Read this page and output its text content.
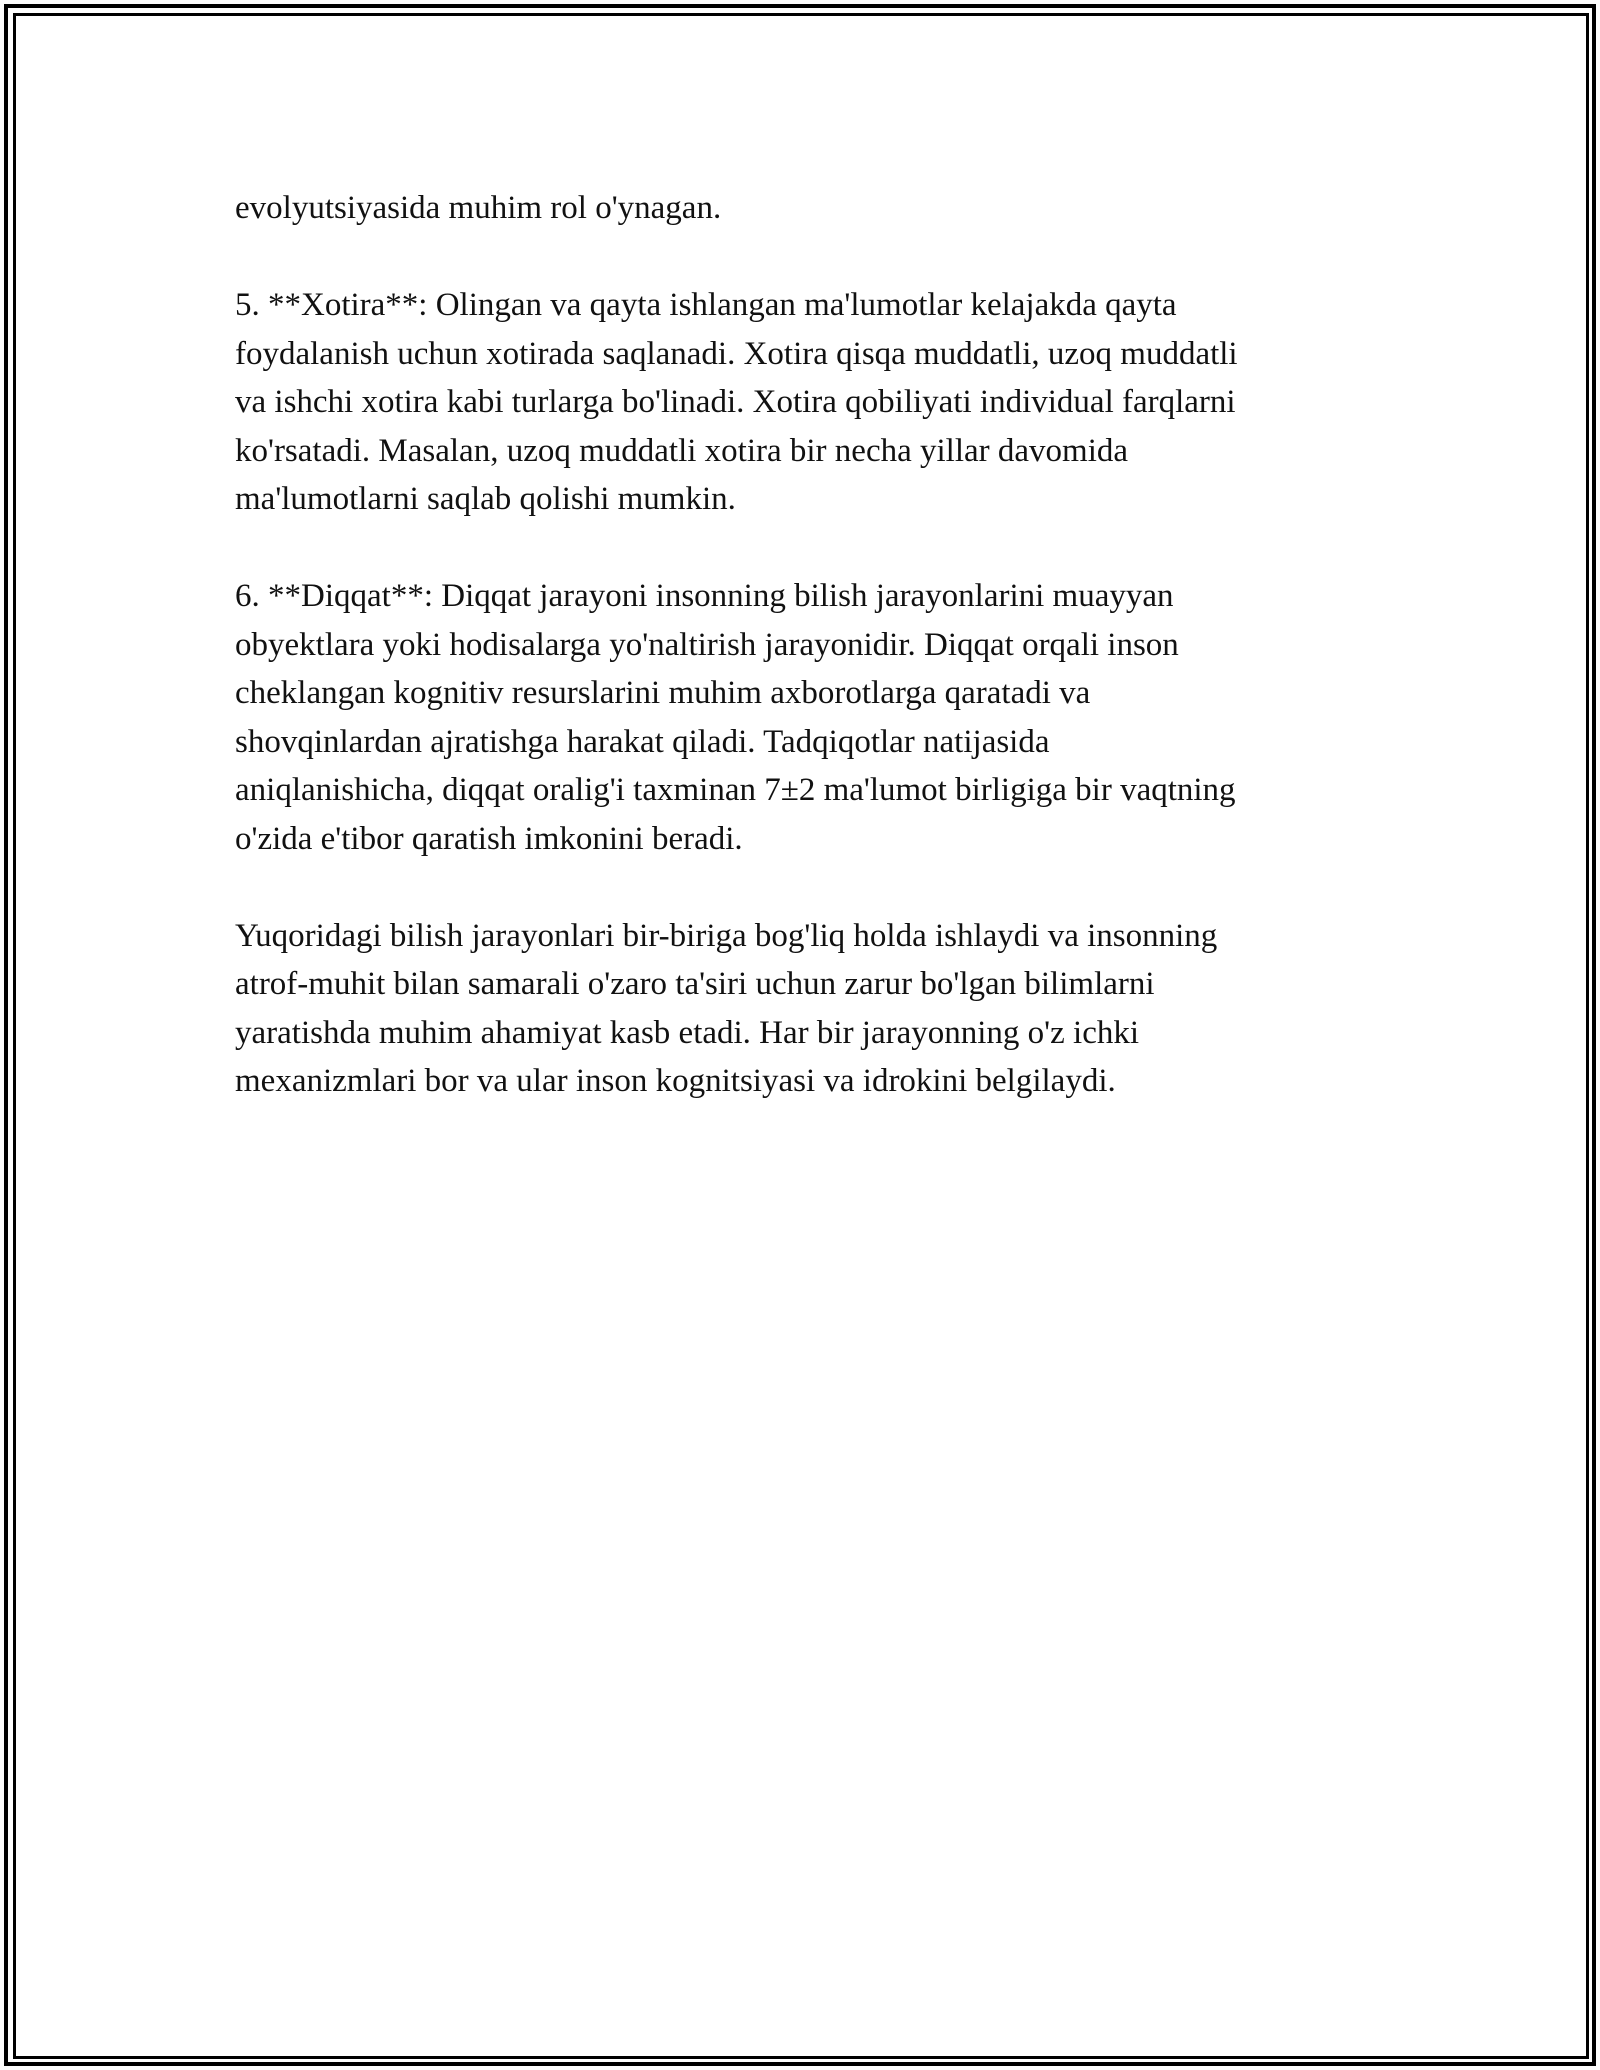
evolyutsiyasida muhim rol o'ynagan.
5. **Xotira**: Olingan va qayta ishlangan ma'lumotlar kelajakda qayta
foydalanish uchun xotirada saqlanadi. Xotira qisqa muddatli, uzoq muddatli
va ishchi xotira kabi turlarga bo'linadi. Xotira qobiliyati individual farqlarni
ko'rsatadi. Masalan, uzoq muddatli xotira bir necha yillar davomida
ma'lumotlarni saqlab qolishi mumkin.
6. **Diqqat**: Diqqat jarayoni insonning bilish jarayonlarini muayyan
obyektlara yoki hodisalarga yo'naltirish jarayonidir. Diqqat orqali inson
cheklangan kognitiv resurslarini muhim axborotlarga qaratadi va
shovqinlardan ajratishga harakat qiladi. Tadqiqotlar natijasida
aniqlanishicha, diqqat oralig'i taxminan 7±2 ma'lumot birligiga bir vaqtning
o'zida e'tibor qaratish imkonini beradi.
Yuqoridagi bilish jarayonlari bir-biriga bog'liq holda ishlaydi va insonning
atrof-muhit bilan samarali o'zaro ta'siri uchun zarur bo'lgan bilimlarni
yaratishda muhim ahamiyat kasb etadi. Har bir jarayonning o'z ichki
mexanizmlari bor va ular inson kognitsiyasi va idrokini belgilaydi.
